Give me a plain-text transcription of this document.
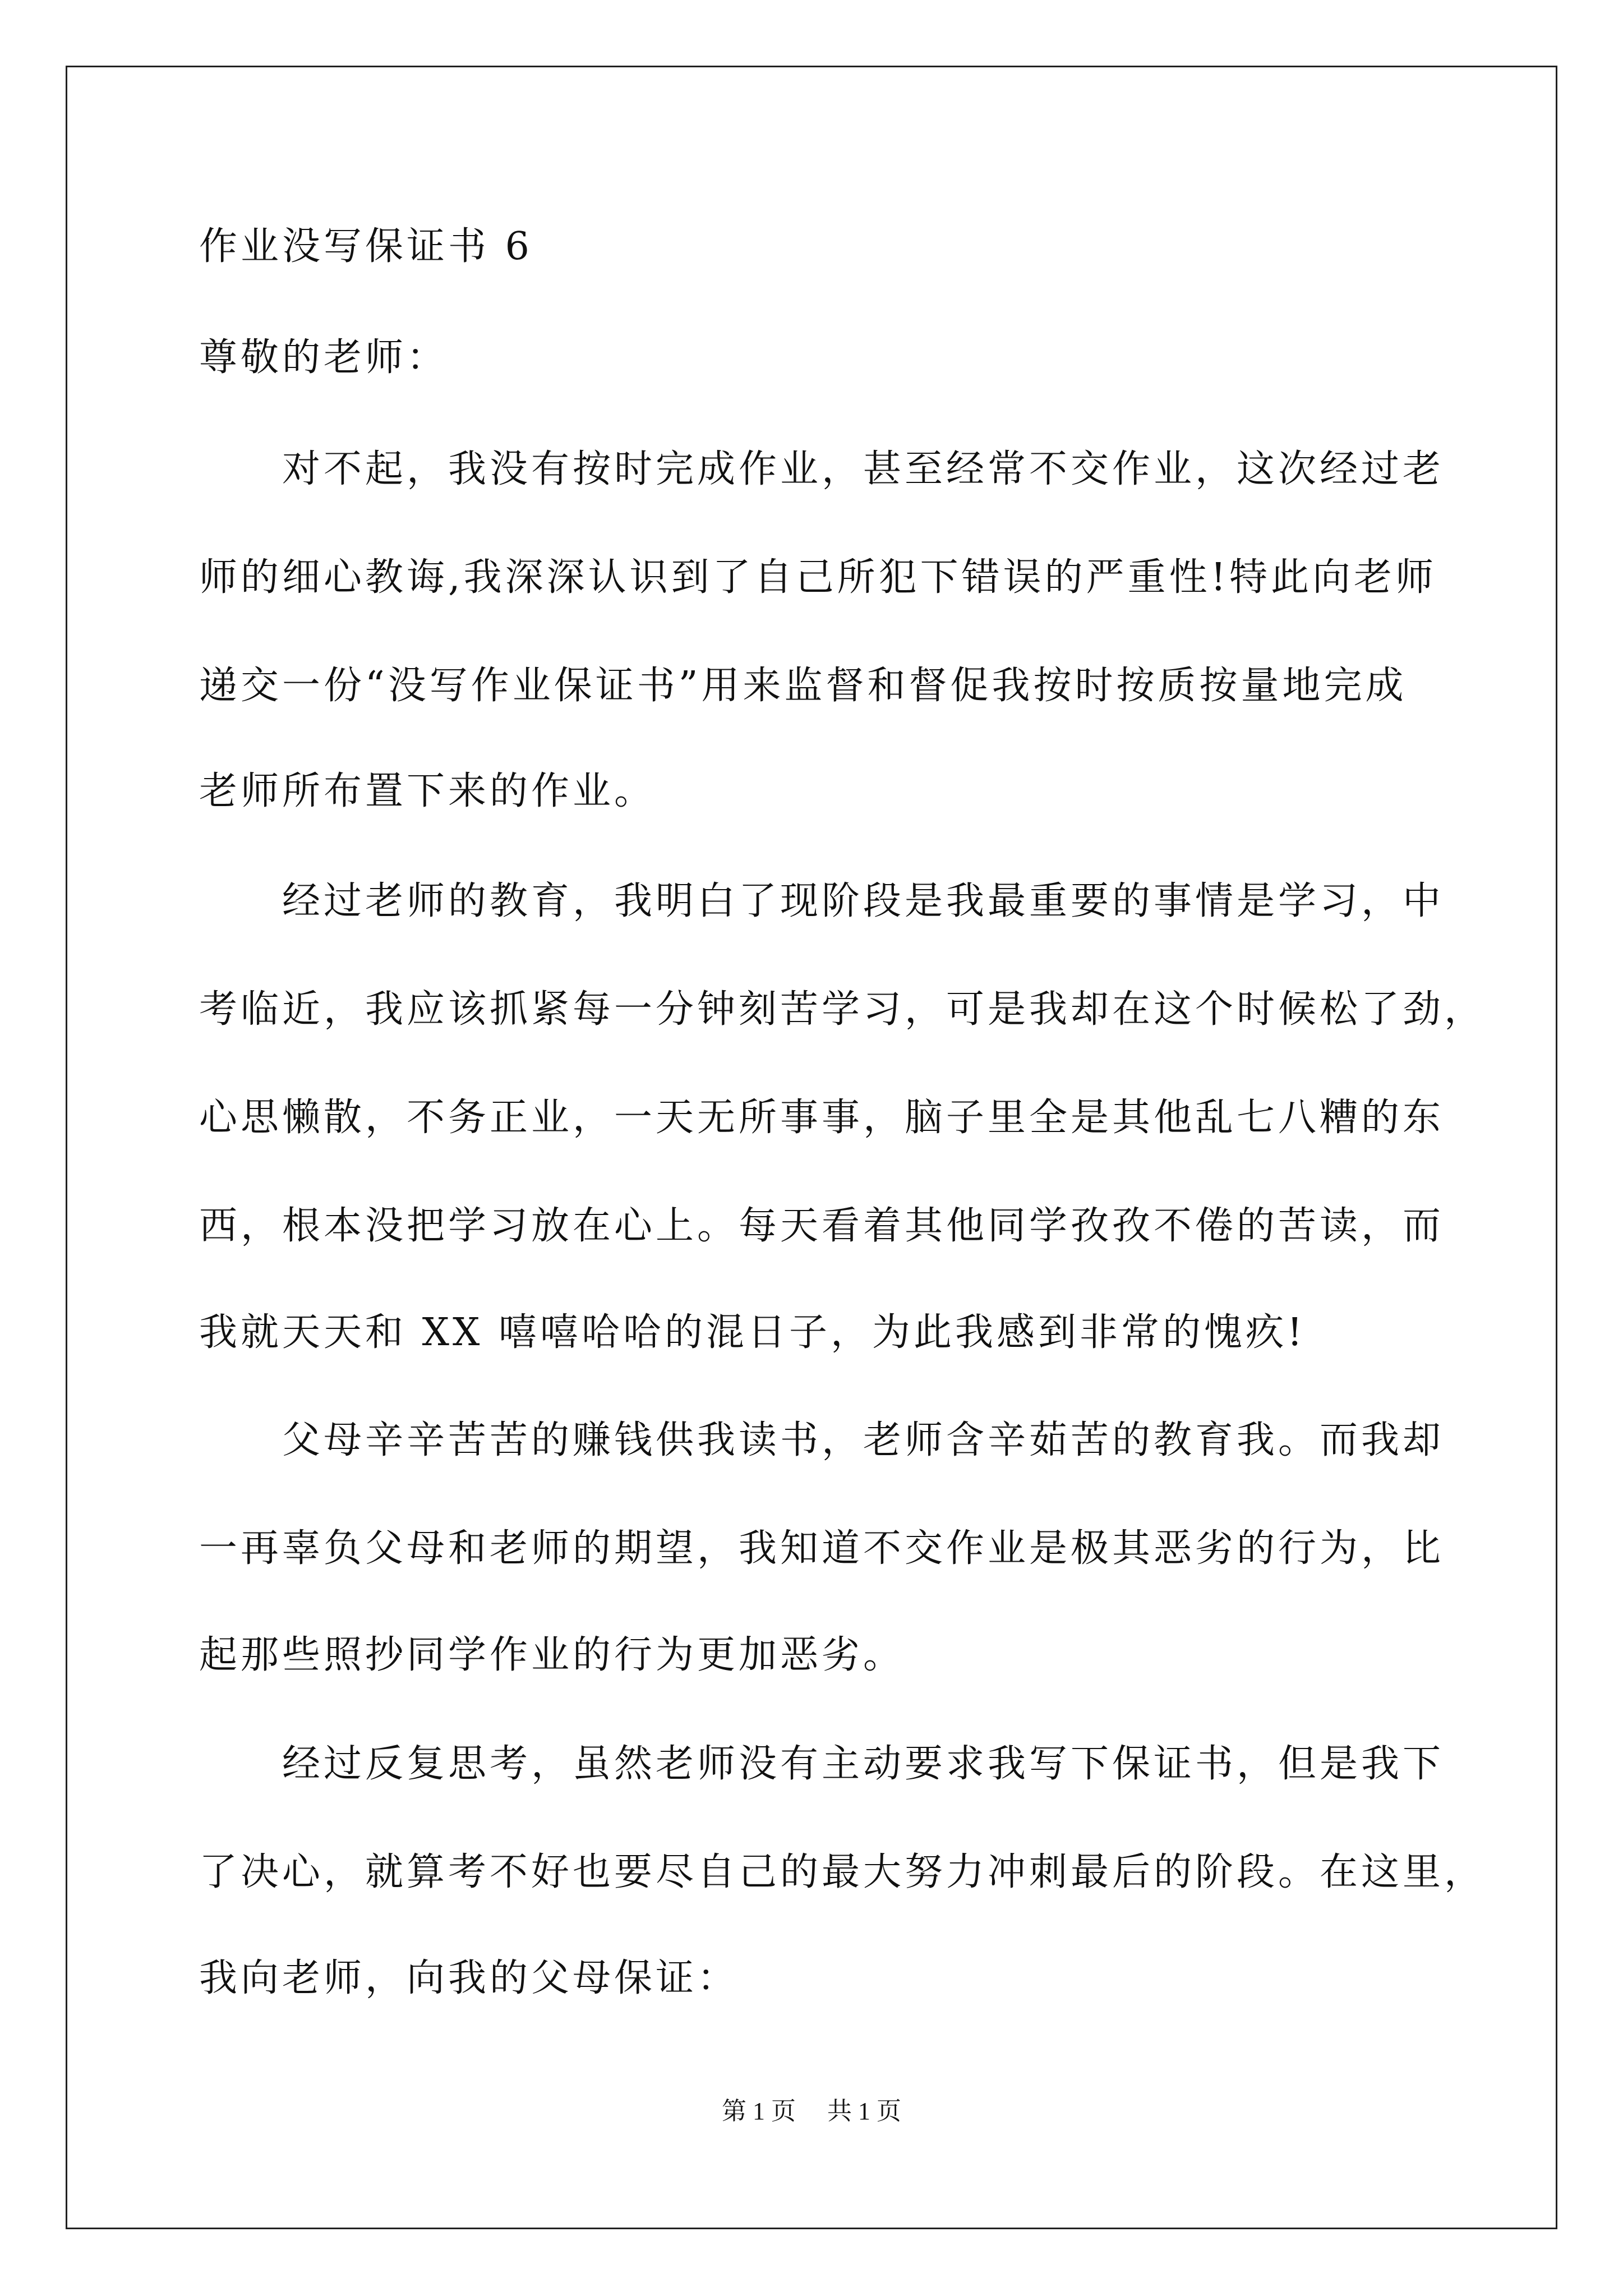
作业没写保证书 6
尊敬的老师：
对不起，我没有按时完成作业，甚至经常不交作业，这次经过老
师的细心教诲,我深深认识到了自己所犯下错误的严重性!特此向老师
递交一份“没写作业保证书”用来监督和督促我按时按质按量地完成
老师所布置下来的作业。
经过老师的教育，我明白了现阶段是我最重要的事情是学习，中
考临近，我应该抓紧每一分钟刻苦学习，可是我却在这个时候松了劲，
心思懒散，不务正业，一天无所事事，脑子里全是其他乱七八糟的东
西，根本没把学习放在心上。每天看着其他同学孜孜不倦的苦读，而
我就天天和 XX 嘻嘻哈哈的混日子，为此我感到非常的愧疚!
父母辛辛苦苦的赚钱供我读书，老师含辛茹苦的教育我。而我却
一再辜负父母和老师的期望，我知道不交作业是极其恶劣的行为，比
起那些照抄同学作业的行为更加恶劣。
经过反复思考，虽然老师没有主动要求我写下保证书，但是我下
了决心，就算考不好也要尽自己的最大努力冲刺最后的阶段。在这里，
我向老师，向我的父母保证：
第 1 页 共 1 页
